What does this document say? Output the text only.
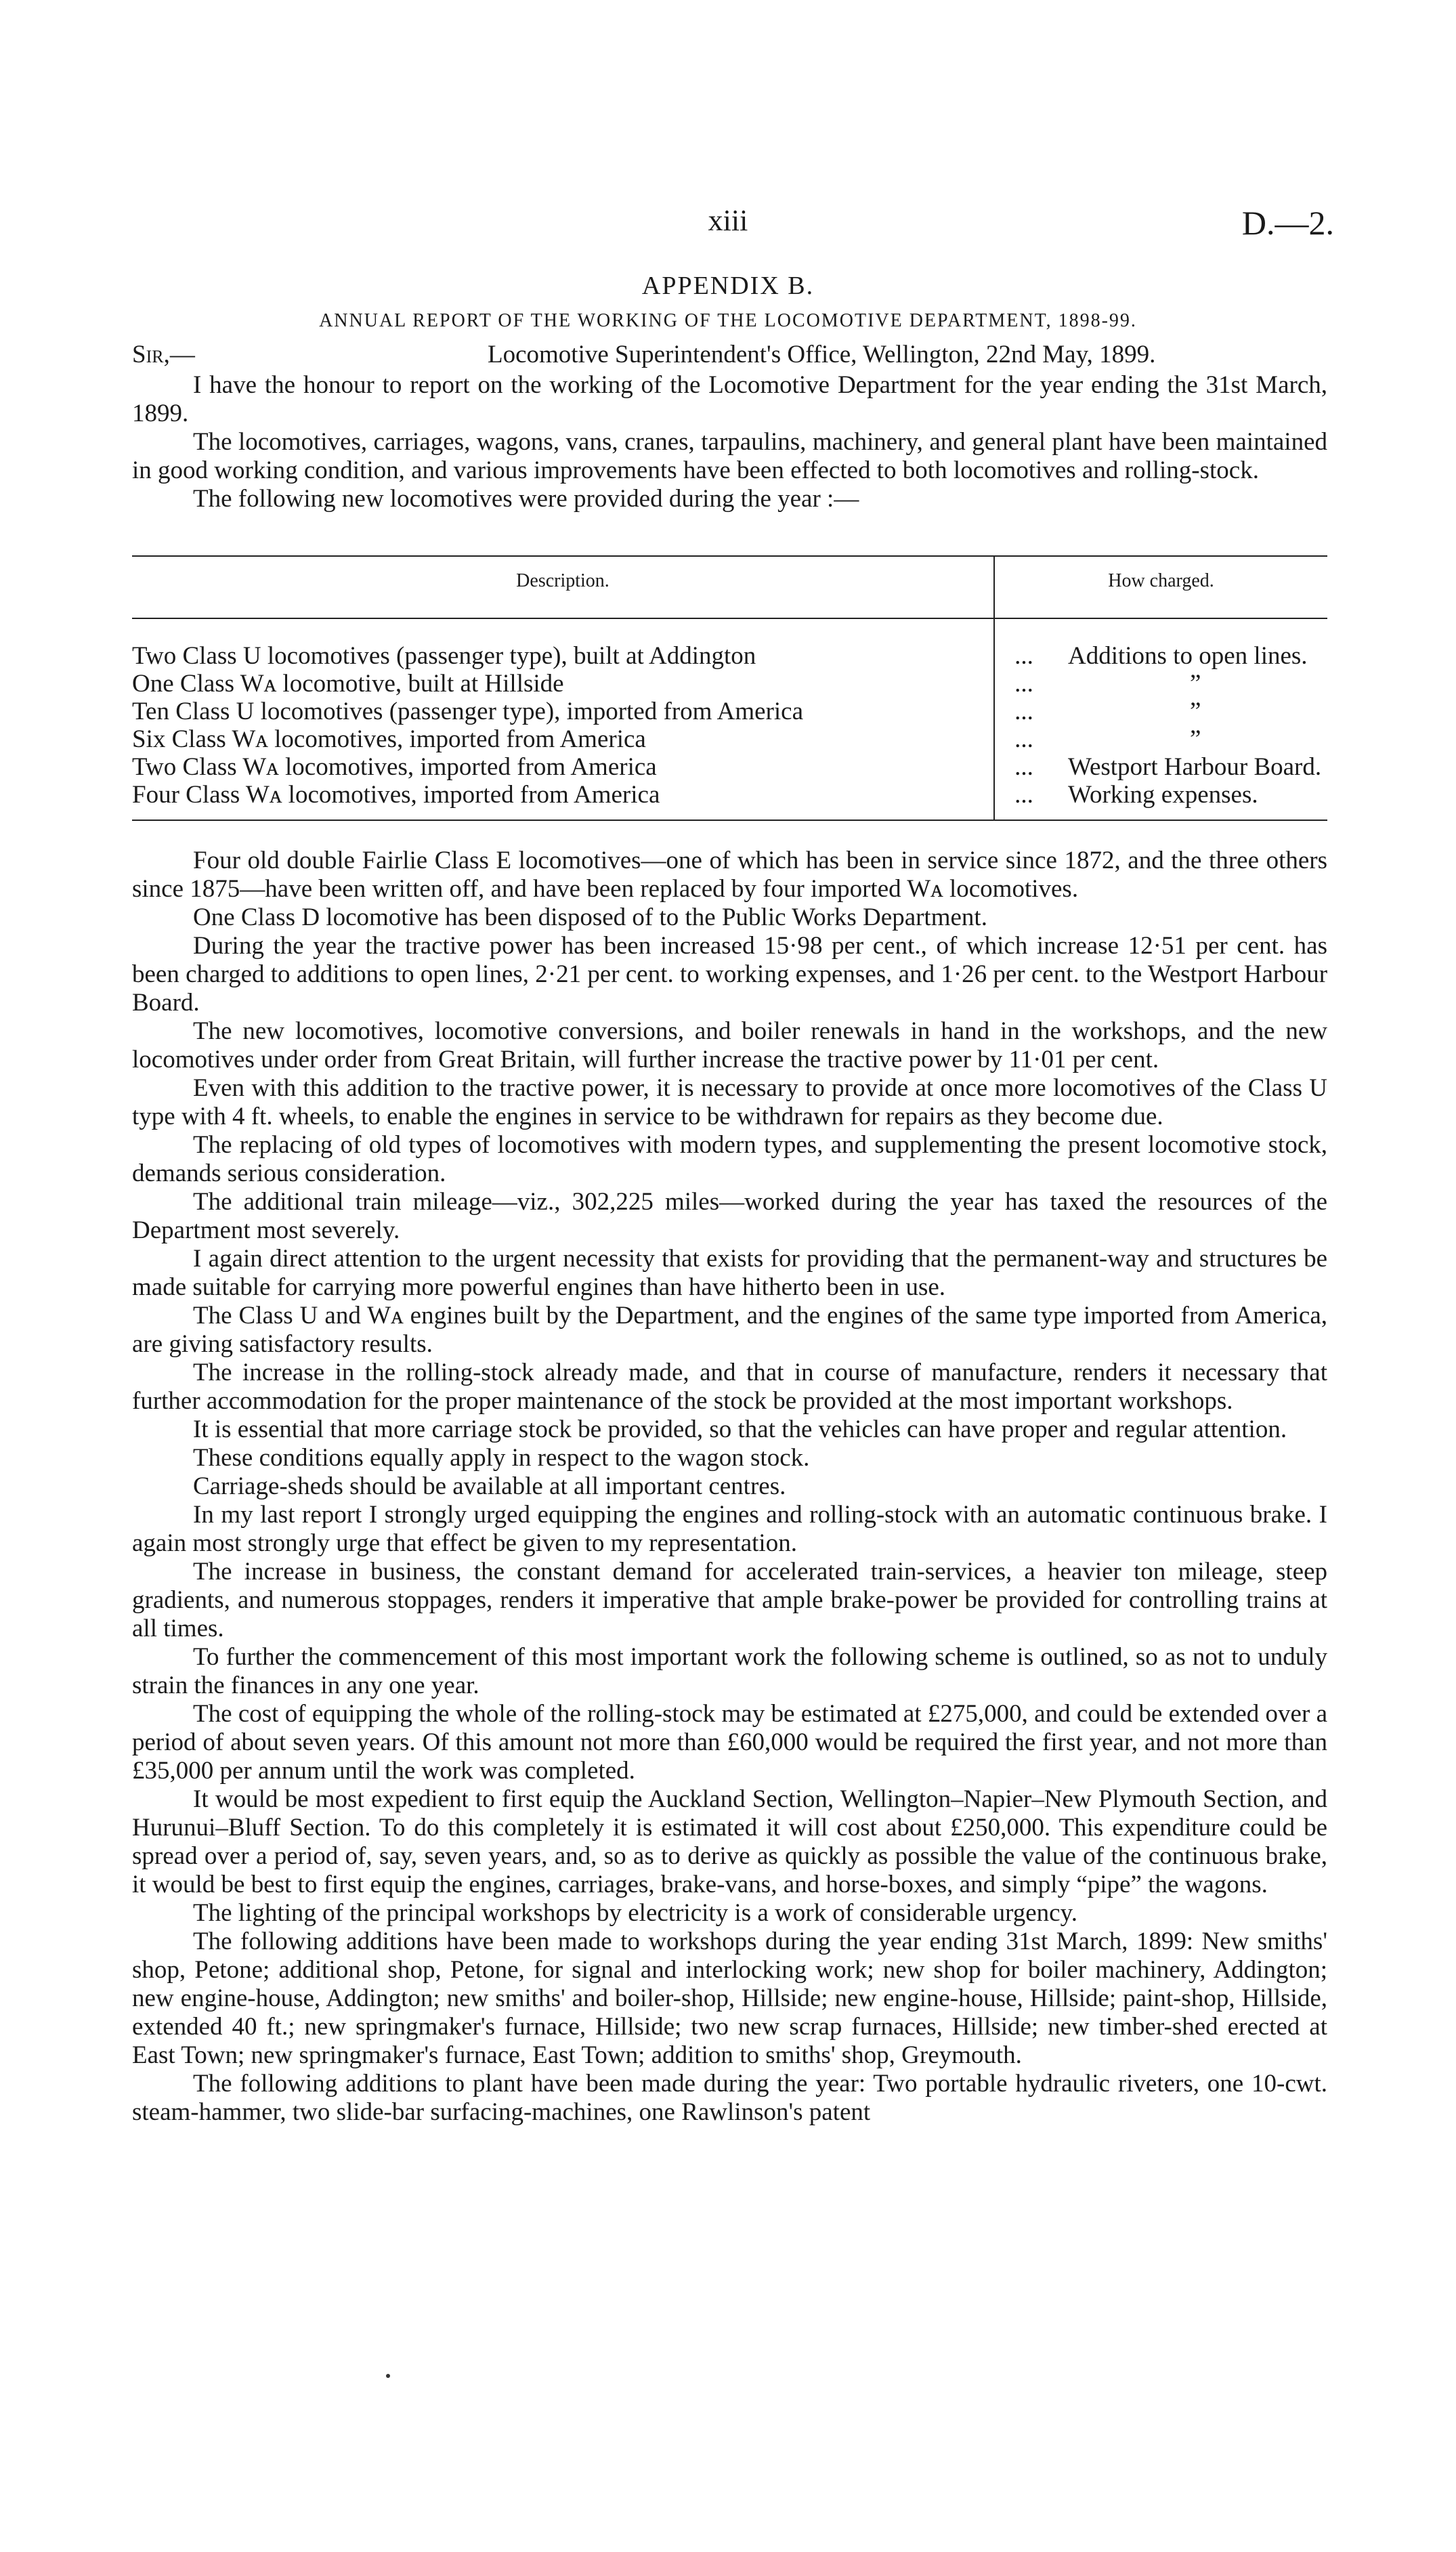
xiii	D.—2.
APPENDIX B.
ANNUAL REPORT OF THE WORKING OF THE LOCOMOTIVE DEPARTMENT, 1898-99.
Sir,—	Locomotive Superintendent's Office, Wellington, 22nd May, 1899.

I have the honour to report on the working of the Locomotive Department for the year ending the 31st March, 1899.

The locomotives, carriages, wagons, vans, cranes, tarpaulins, machinery, and general plant have been maintained in good working condition, and various improvements have been effected to both locomotives and rolling-stock.

The following new locomotives were provided during the year :—

Description.	How charged.
Two Class U locomotives (passenger type), built at Addington	...	Additions to open lines.
One Class Wᴀ locomotive, built at Hillside	...	”
Ten Class U locomotives (passenger type), imported from America	...	”
Six Class Wᴀ locomotives, imported from America	...	”
Two Class Wᴀ locomotives, imported from America	...	Westport Harbour Board.
Four Class Wᴀ locomotives, imported from America	...	Working expenses.

Four old double Fairlie Class E locomotives—one of which has been in service since 1872, and the three others since 1875—have been written off, and have been replaced by four imported Wᴀ locomotives.

One Class D locomotive has been disposed of to the Public Works Department.

During the year the tractive power has been increased 15·98 per cent., of which increase 12·51 per cent. has been charged to additions to open lines, 2·21 per cent. to working expenses, and 1·26 per cent. to the Westport Harbour Board.

The new locomotives, locomotive conversions, and boiler renewals in hand in the workshops, and the new locomotives under order from Great Britain, will further increase the tractive power by 11·01 per cent.

Even with this addition to the tractive power, it is necessary to provide at once more locomotives of the Class U type with 4 ft. wheels, to enable the engines in service to be withdrawn for repairs as they become due.

The replacing of old types of locomotives with modern types, and supplementing the present locomotive stock, demands serious consideration.

The additional train mileage—viz., 302,225 miles—worked during the year has taxed the resources of the Department most severely.

I again direct attention to the urgent necessity that exists for providing that the permanent-way and structures be made suitable for carrying more powerful engines than have hitherto been in use.

The Class U and Wᴀ engines built by the Department, and the engines of the same type imported from America, are giving satisfactory results.

The increase in the rolling-stock already made, and that in course of manufacture, renders it necessary that further accommodation for the proper maintenance of the stock be provided at the most important workshops.

It is essential that more carriage stock be provided, so that the vehicles can have proper and regular attention.

These conditions equally apply in respect to the wagon stock.

Carriage-sheds should be available at all important centres.

In my last report I strongly urged equipping the engines and rolling-stock with an automatic continuous brake. I again most strongly urge that effect be given to my representation.

The increase in business, the constant demand for accelerated train-services, a heavier ton mileage, steep gradients, and numerous stoppages, renders it imperative that ample brake-power be provided for controlling trains at all times.

To further the commencement of this most important work the following scheme is outlined, so as not to unduly strain the finances in any one year.

The cost of equipping the whole of the rolling-stock may be estimated at £275,000, and could be extended over a period of about seven years. Of this amount not more than £60,000 would be required the first year, and not more than £35,000 per annum until the work was completed.

It would be most expedient to first equip the Auckland Section, Wellington–Napier–New Plymouth Section, and Hurunui–Bluff Section. To do this completely it is estimated it will cost about £250,000. This expenditure could be spread over a period of, say, seven years, and, so as to derive as quickly as possible the value of the continuous brake, it would be best to first equip the engines, carriages, brake-vans, and horse-boxes, and simply “pipe” the wagons.

The lighting of the principal workshops by electricity is a work of considerable urgency.

The following additions have been made to workshops during the year ending 31st March, 1899: New smiths' shop, Petone; additional shop, Petone, for signal and interlocking work; new shop for boiler machinery, Addington; new engine-house, Addington; new smiths' and boiler-shop, Hillside; new engine-house, Hillside; paint-shop, Hillside, extended 40 ft.; new springmaker's furnace, Hillside; two new scrap furnaces, Hillside; new timber-shed erected at East Town; new springmaker's furnace, East Town; addition to smiths' shop, Greymouth.

The following additions to plant have been made during the year: Two portable hydraulic riveters, one 10-cwt. steam-hammer, two slide-bar surfacing-machines, one Rawlinson's patent
